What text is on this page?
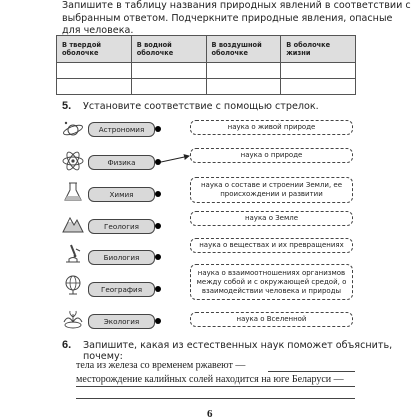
Запишите в таблицу названия природных явлений в соответствии с выбранным ответом. Подчеркните природные явления, опасные для человека.
В твердой оболочке	В водной оболочке	В воздушной оболочке	В оболочке жизни

5. Установите соответствие с помощью стрелок.
Астрономия
Физика
Химия
Геология
Биология
География
Экология
наука о живой природе
наука о природе
наука о составе и строении Земли, ее происхождении и развитии
наука о Земле
наука о веществах и их превращениях
наука о взаимоотношениях организмов между собой и с окружающей средой, о взаимодействии человека и природы
наука о Вселенной
6. Запишите, какая из естественных наук поможет объяснить, почему:
тела из железа со временем ржавеют —
месторождение калийных солей находится на юге Беларуси —
6
